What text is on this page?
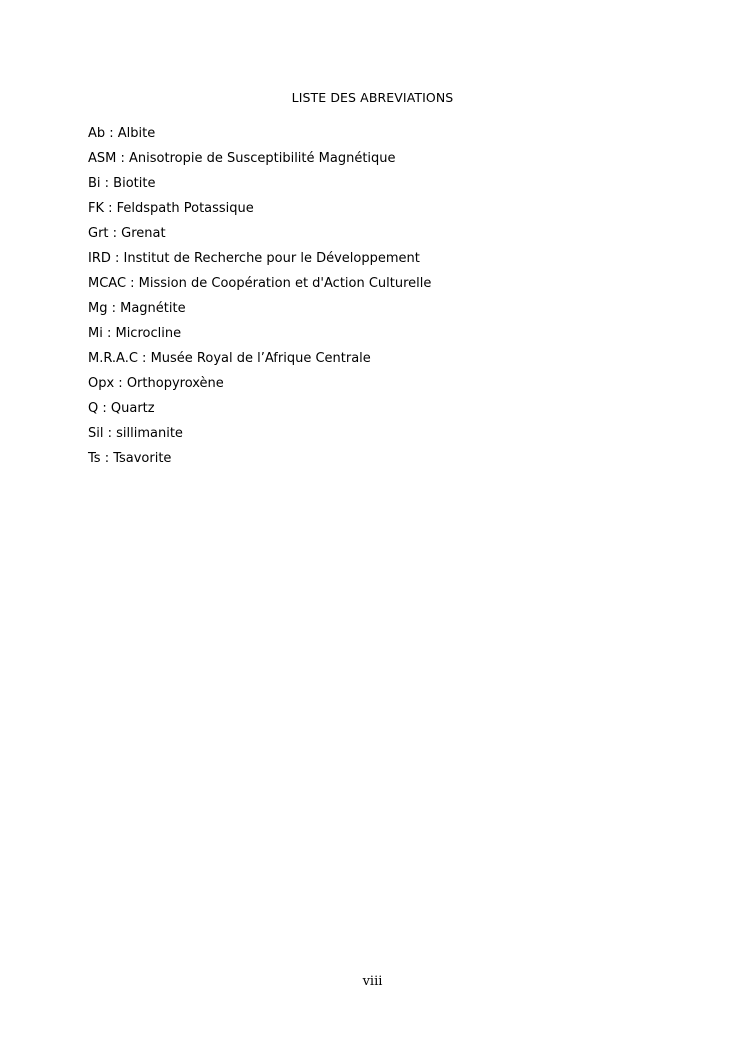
LISTE DES ABREVIATIONS
Ab : Albite
ASM : Anisotropie de Susceptibilité Magnétique
Bi : Biotite
FK : Feldspath Potassique
Grt : Grenat
IRD : Institut de Recherche pour le Développement
MCAC : Mission de Coopération et d'Action Culturelle
Mg : Magnétite
Mi : Microcline
M.R.A.C : Musée Royal de l’Afrique Centrale
Opx : Orthopyroxène
Q : Quartz
Sil : sillimanite
Ts : Tsavorite
viii
